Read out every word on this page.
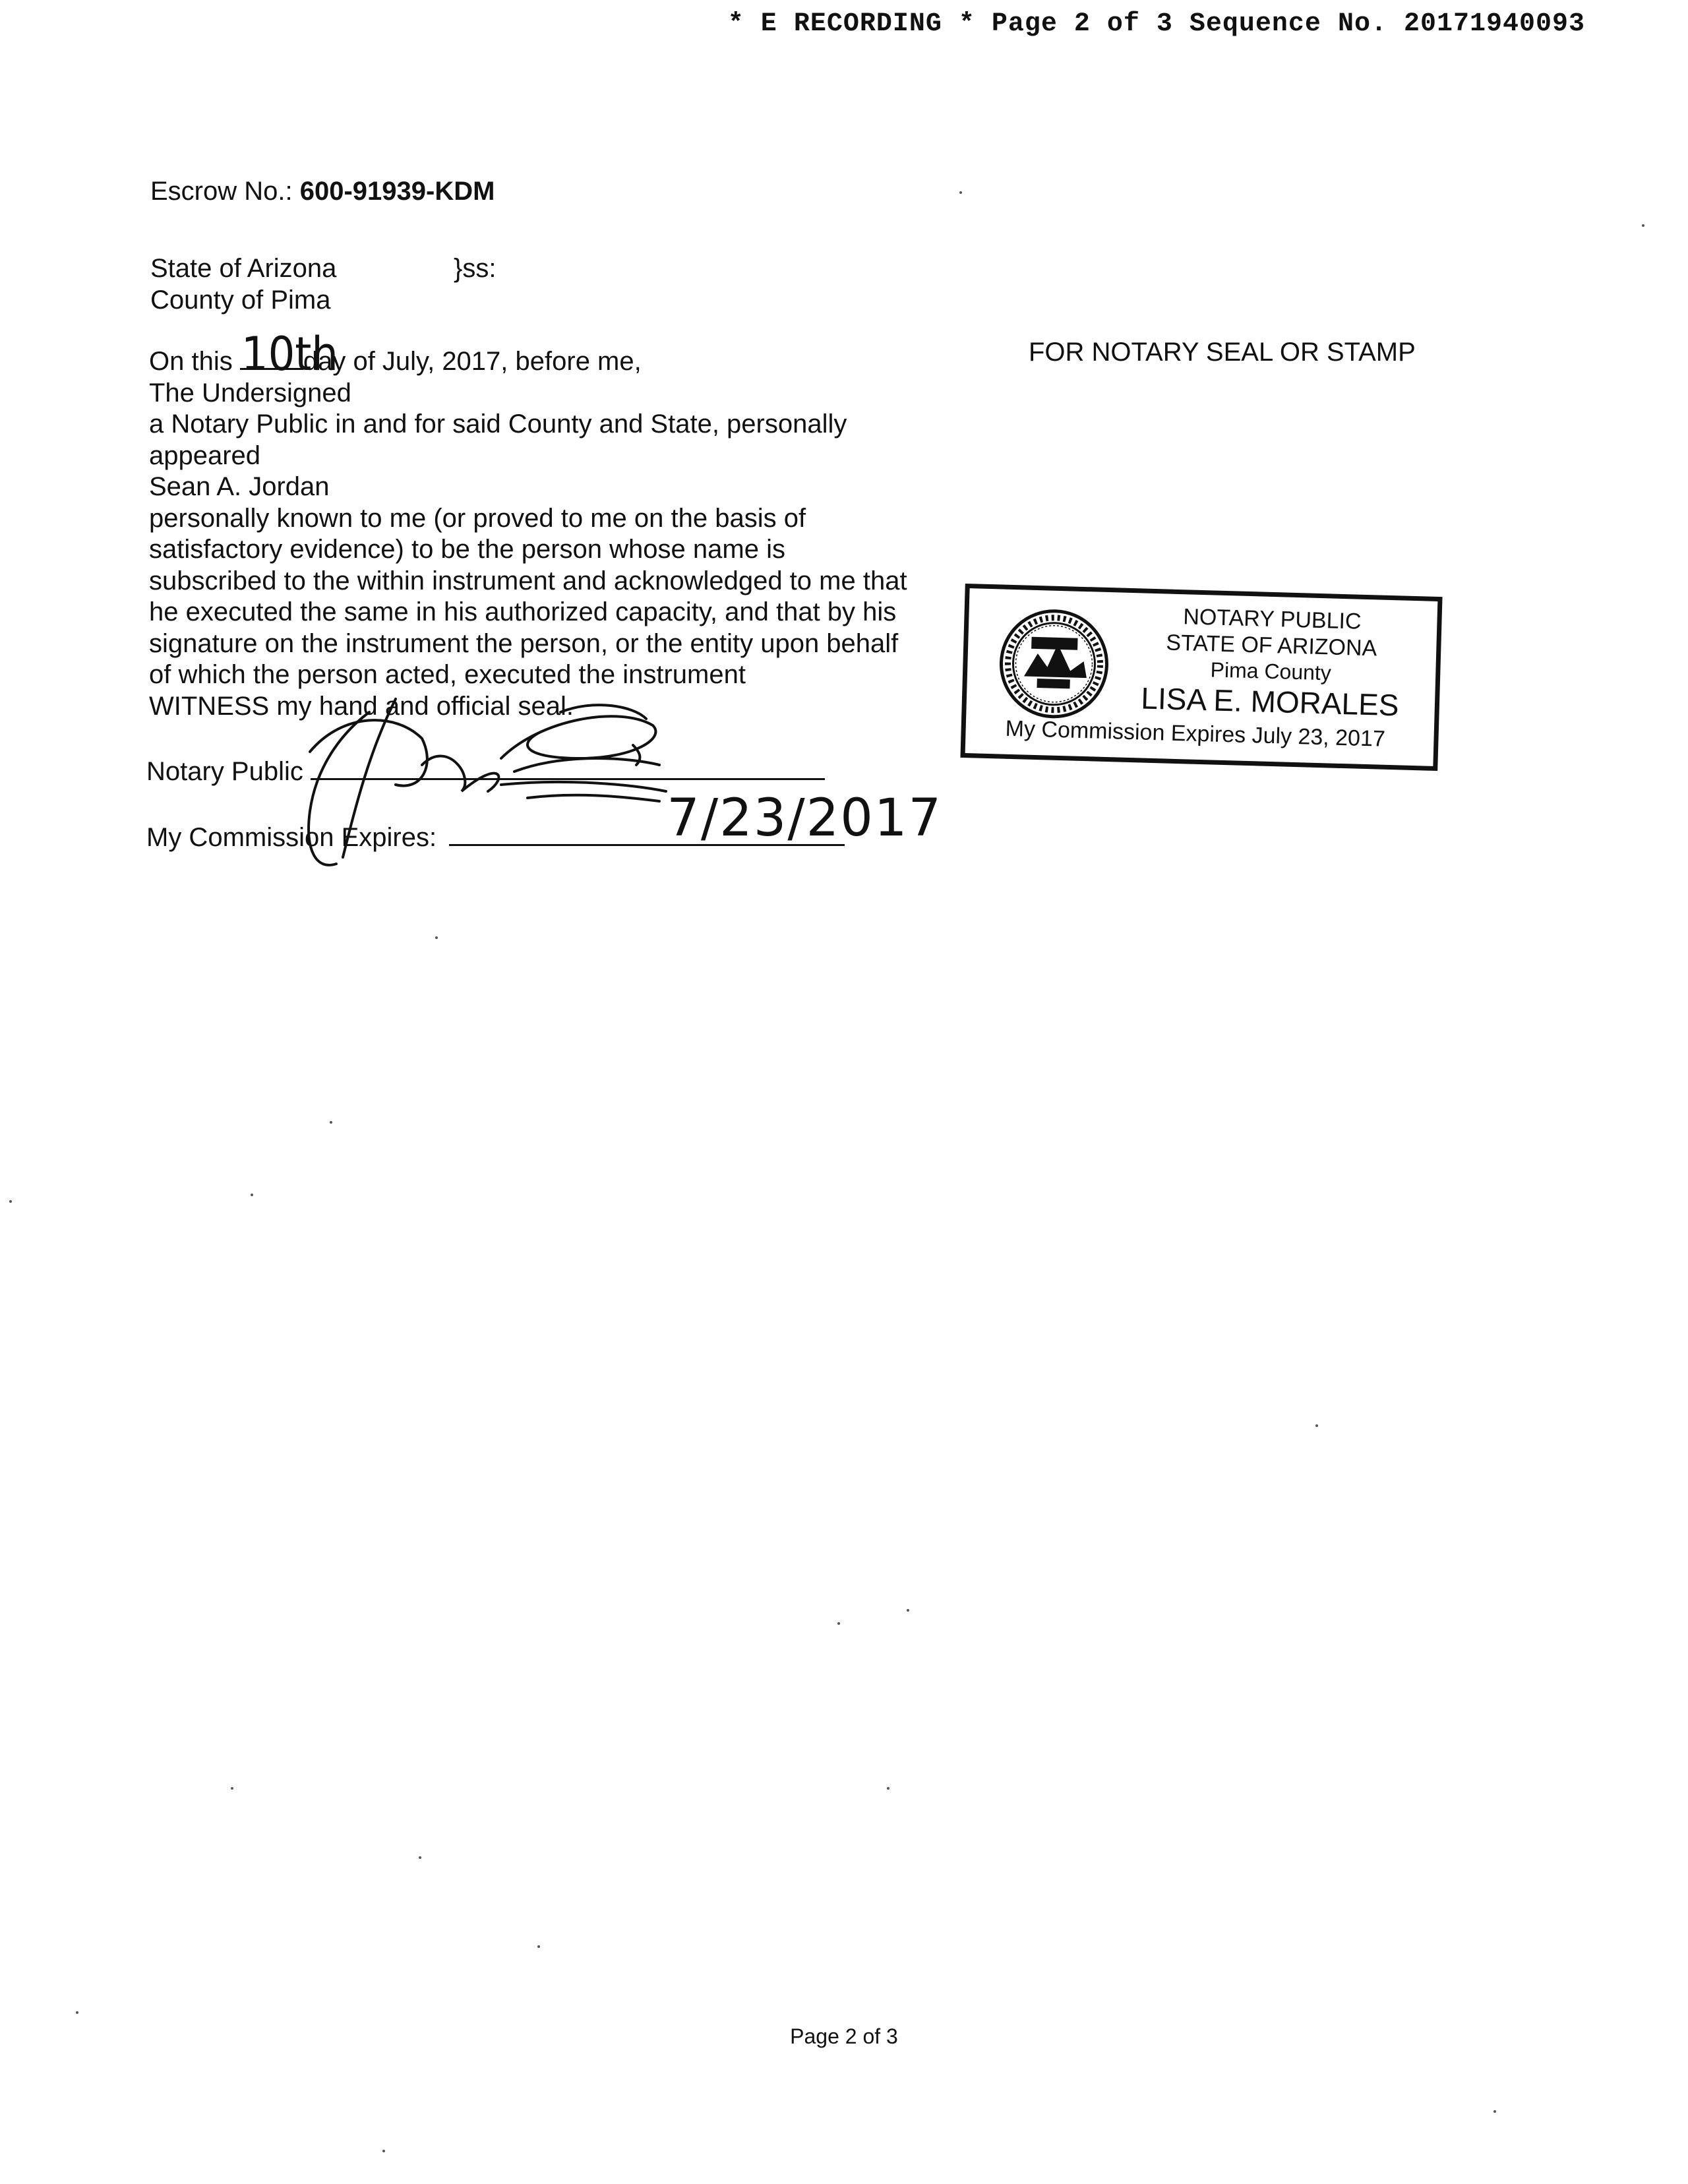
* E RECORDING * Page 2 of 3 Sequence No. 20171940093
Escrow No.: 600-91939-KDM
State of Arizona
County of Pima
}ss:
FOR NOTARY SEAL OR STAMP
On this 10th
day of July, 2017, before me,
The Undersigned
a Notary Public in and for said County and State, personally
appeared
Sean A. Jordan
personally known to me (or proved to me on the basis of
satisfactory evidence) to be the person whose name is
subscribed to the within instrument and acknowledged to me that
he executed the same in his authorized capacity, and that by his
signature on the instrument the person, or the entity upon behalf
of which the person acted, executed the instrument
WITNESS my hand and official seal.
Notary Public
My Commission Expires:	7/23/2017
NOTARY PUBLIC
STATE OF ARIZONA
Pima County
LISA E. MORALES
My Commission Expires July 23, 2017
Page 2 of 3
